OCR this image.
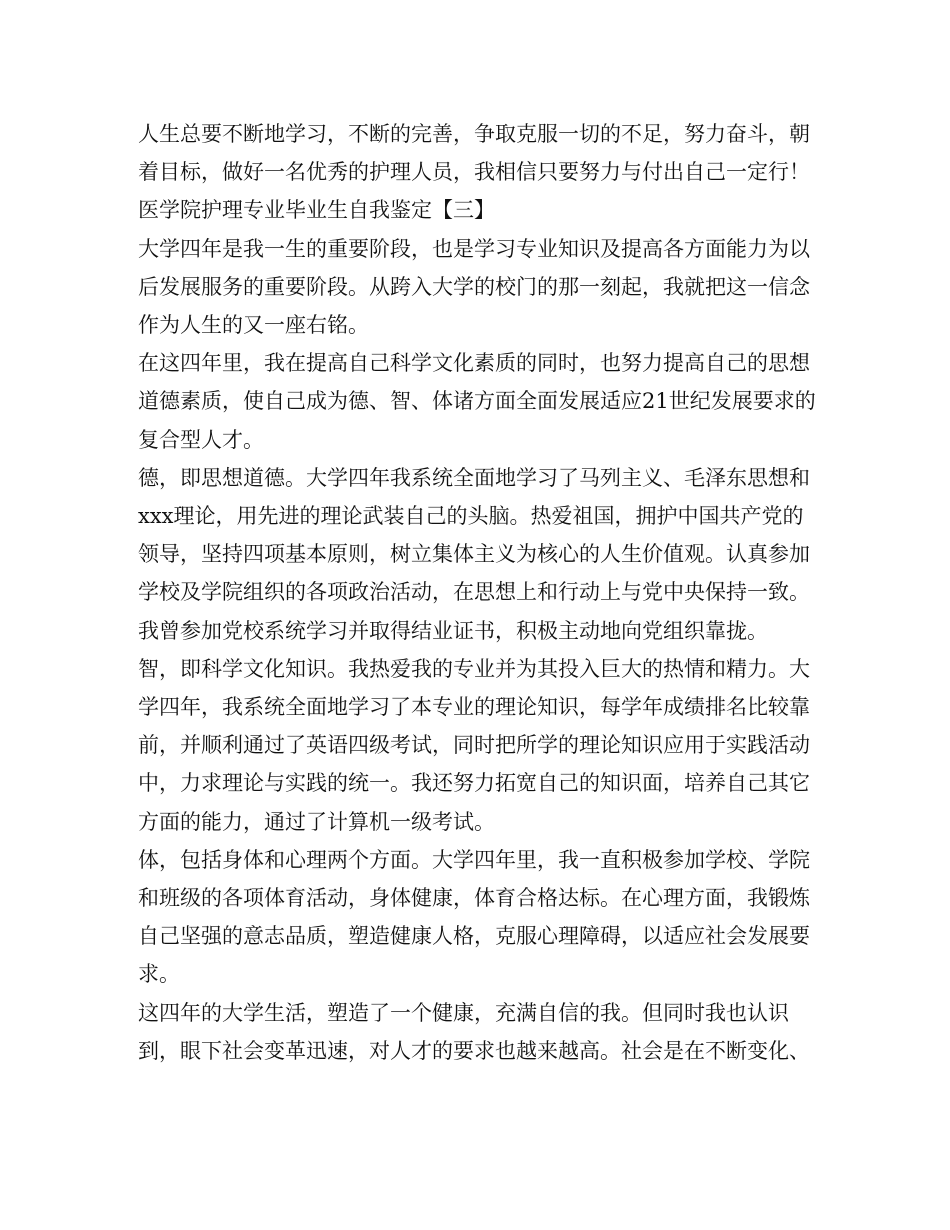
人生总要不断地学习，不断的完善，争取克服一切的不足，努力奋斗，朝着目标，做好一名优秀的护理人员，我相信只要努力与付出自己一定行！

医学院护理专业毕业生自我鉴定【三】

大学四年是我一生的重要阶段，也是学习专业知识及提高各方面能力为以后发展服务的重要阶段。从跨入大学的校门的那一刻起，我就把这一信念作为人生的又一座右铭。

在这四年里，我在提高自己科学文化素质的同时，也努力提高自己的思想道德素质，使自己成为德、智、体诸方面全面发展适应21世纪发展要求的复合型人才。

德，即思想道德。大学四年我系统全面地学习了马列主义、毛泽东思想和xxx理论，用先进的理论武装自己的头脑。热爱祖国，拥护中国共产党的领导，坚持四项基本原则，树立集体主义为核心的人生价值观。认真参加学校及学院组织的各项政治活动，在思想上和行动上与党中央保持一致。我曾参加党校系统学习并取得结业证书，积极主动地向党组织靠拢。

智，即科学文化知识。我热爱我的专业并为其投入巨大的热情和精力。大学四年，我系统全面地学习了本专业的理论知识，每学年成绩排名比较靠前，并顺利通过了英语四级考试，同时把所学的理论知识应用于实践活动中，力求理论与实践的统一。我还努力拓宽自己的知识面，培养自己其它方面的能力，通过了计算机一级考试。

体，包括身体和心理两个方面。大学四年里，我一直积极参加学校、学院和班级的各项体育活动，身体健康，体育合格达标。在心理方面，我锻炼自己坚强的意志品质，塑造健康人格，克服心理障碍，以适应社会发展要求。

这四年的大学生活，塑造了一个健康，充满自信的我。但同时我也认识到，眼下社会变革迅速，对人才的要求也越来越高。社会是在不断变化、
